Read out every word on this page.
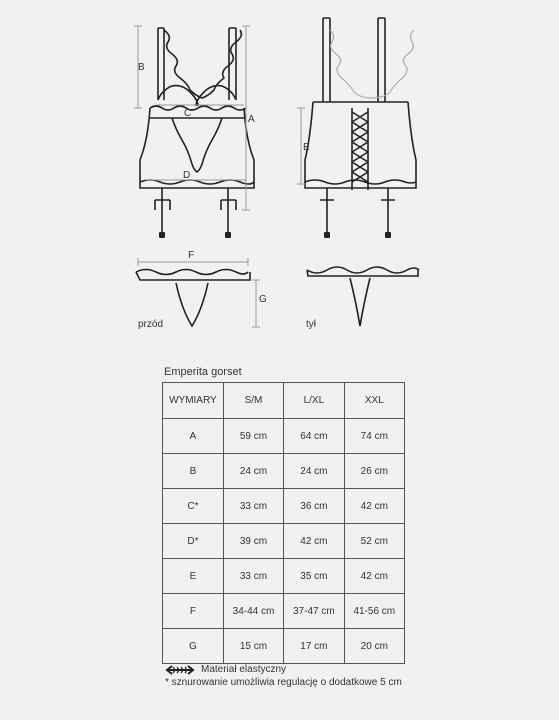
B
A
C
D
E
F
G
przód	tył
Emperita gorset
WYMIARY	S/M	L/XL	XXL
A	59 cm	64 cm	74 cm
B	24 cm	24 cm	26 cm
C*	33 cm	36 cm	42 cm
D*	39 cm	42 cm	52 cm
E	33 cm	35 cm	42 cm
F	34-44 cm	37-47 cm	41-56 cm
G	15 cm	17 cm	20 cm
Materiał elastyczny
* sznurowanie umożliwia regulację o dodatkowe 5 cm
